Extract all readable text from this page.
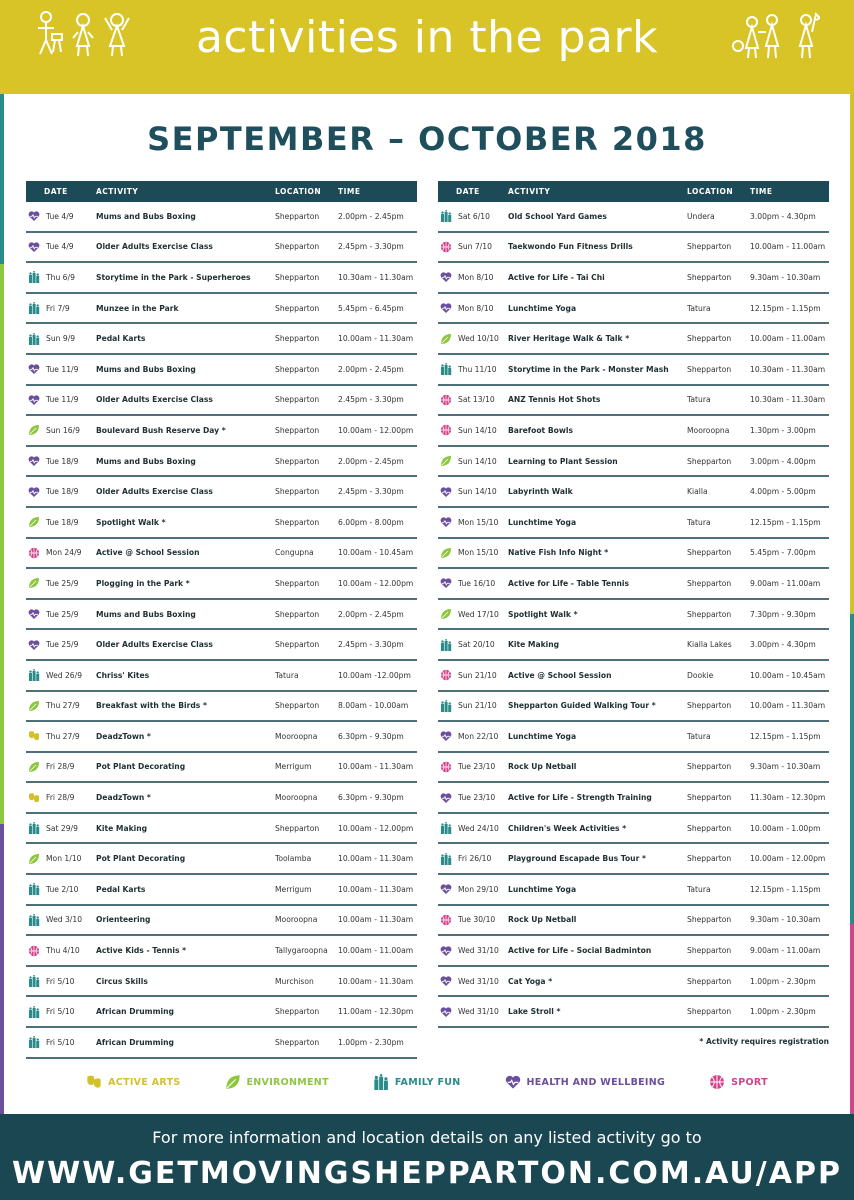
activities in the park
SEPTEMBER – OCTOBER 2018
DATE	ACTIVITY	LOCATION	TIME
Tue 4/9	Mums and Bubs Boxing	Shepparton	2.00pm - 2.45pm
Tue 4/9	Older Adults Exercise Class	Shepparton	2.45pm - 3.30pm
Thu 6/9	Storytime in the Park - Superheroes	Shepparton	10.30am - 11.30am
Fri 7/9	Munzee in the Park	Shepparton	5.45pm - 6.45pm
Sun 9/9	Pedal Karts	Shepparton	10.00am - 11.30am
Tue 11/9 Mums and Bubs Boxing	Shepparton	2.00pm - 2.45pm
Tue 11/9 Older Adults Exercise Class	Shepparton	2.45pm - 3.30pm
Sun 16/9 Boulevard Bush Reserve Day *	Shepparton	10.00am - 12.00pm
Tue 18/9 Mums and Bubs Boxing	Shepparton	2.00pm - 2.45pm
Tue 18/9 Older Adults Exercise Class	Shepparton	2.45pm - 3.30pm
Tue 18/9 Spotlight Walk *	Shepparton	6.00pm - 8.00pm
Mon 24/9 Active @ School Session	Congupna	10.00am - 10.45am
Tue 25/9 Plogging in the Park *	Shepparton	10.00am - 12.00pm
Tue 25/9 Mums and Bubs Boxing	Shepparton	2.00pm - 2.45pm
Tue 25/9 Older Adults Exercise Class	Shepparton	2.45pm - 3.30pm
Wed 26/9 Chriss' Kites	Tatura	10.00am -12.00pm
Thu 27/9 Breakfast with the Birds *	Shepparton	8.00am - 10.00am
Thu 27/9 DeadzTown *	Mooroopna	6.30pm - 9.30pm
Fri 28/9	Pot Plant Decorating	Merrigum	10.00am - 11.30am
Fri 28/9	DeadzTown *	Mooroopna	6.30pm - 9.30pm
Sat 29/9 Kite Making	Shepparton	10.00am - 12.00pm
Mon 1/10 Pot Plant Decorating	Toolamba	10.00am - 11.30am
Tue 2/10 Pedal Karts	Merrigum	10.00am - 11.30am
Wed 3/10 Orienteering	Mooroopna	10.00am - 11.30am
Thu 4/10 Active Kids - Tennis *	Tallygaroopna	10.00am - 11.00am
Fri 5/10	Circus Skills	Murchison	10.00am - 11.30am
Fri 5/10	African Drumming	Shepparton	11.00am - 12.30pm
Fri 5/10	African Drumming	Shepparton	1.00pm - 2.30pm
DATE	ACTIVITY	LOCATION	TIME
Sat 6/10 Old School Yard Games	Undera	3.00pm - 4.30pm
Sun 7/10 Taekwondo Fun Fitness Drills	Shepparton	10.00am - 11.00am
Mon 8/10 Active for Life - Tai Chi	Shepparton	9.30am - 10.30am
Mon 8/10 Lunchtime Yoga	Tatura	12.15pm - 1.15pm
Wed 10/10 River Heritage Walk & Talk *	Shepparton	10.00am - 11.00am
Thu 11/10 Storytime in the Park - Monster Mash	Shepparton	10.30am - 11.30am
Sat 13/10 ANZ Tennis Hot Shots	Tatura	10.30am - 11.30am
Sun 14/10 Barefoot Bowls	Mooroopna	1.30pm - 3.00pm
Sun 14/10 Learning to Plant Session	Shepparton	3.00pm - 4.00pm
Sun 14/10 Labyrinth Walk	Kialla	4.00pm - 5.00pm
Mon 15/10 Lunchtime Yoga	Tatura	12.15pm - 1.15pm
Mon 15/10 Native Fish Info Night *	Shepparton	5.45pm - 7.00pm
Tue 16/10 Active for Life - Table Tennis	Shepparton	9.00am - 11.00am
Wed 17/10 Spotlight Walk *	Shepparton	7.30pm - 9.30pm
Sat 20/10 Kite Making	Kialla Lakes	3.00pm - 4.30pm
Sun 21/10 Active @ School Session	Dookie	10.00am - 10.45am
Sun 21/10 Shepparton Guided Walking Tour *	Shepparton	10.00am - 11.30am
Mon 22/10 Lunchtime Yoga	Tatura	12.15pm - 1.15pm
Tue 23/10 Rock Up Netball	Shepparton	9.30am - 10.30am
Tue 23/10 Active for Life - Strength Training	Shepparton	11.30am - 12.30pm
Wed 24/10 Children's Week Activities *	Shepparton	10.00am - 1.00pm
Fri 26/10 Playground Escapade Bus Tour *	Shepparton	10.00am - 12.00pm
Mon 29/10 Lunchtime Yoga	Tatura	12.15pm - 1.15pm
Tue 30/10 Rock Up Netball	Shepparton	9.30am - 10.30am
Wed 31/10 Active for Life - Social Badminton	Shepparton	9.00am - 11.00am
Wed 31/10 Cat Yoga *	Shepparton	1.00pm - 2.30pm
Wed 31/10 Lake Stroll *	Shepparton	1.00pm - 2.30pm
* Activity requires registration
ACTIVE ARTS	ENVIRONMENT	FAMILY FUN	HEALTH AND WELLBEING	SPORT
For more information and location details on any listed activity go to
WWW.GETMOVINGSHEPPARTON.COM.AU/APP
